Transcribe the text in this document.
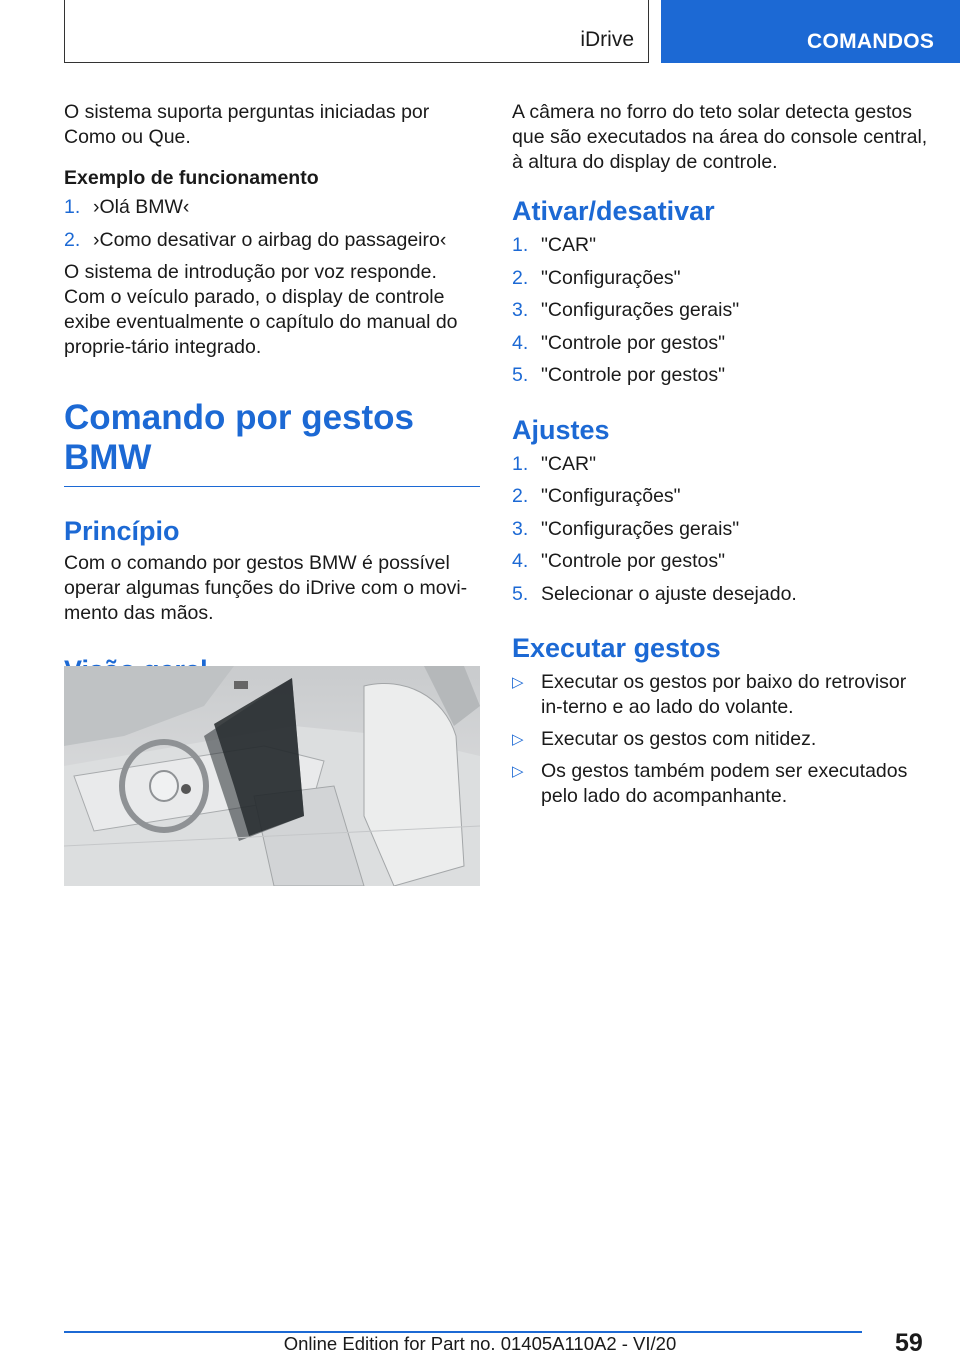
iDrive	COMANDOS

O sistema suporta perguntas iniciadas por Como ou Que.

Exemplo de funcionamento

1. ›Olá BMW‹
2. ›Como desativar o airbag do passageiro‹

O sistema de introdução por voz responde. Com o veículo parado, o display de controle exibe eventualmente o capítulo do manual do proprie-tário integrado.

Comando por gestos BMW
Princípio

Com o comando por gestos BMW é possível operar algumas funções do iDrive com o movi-mento das mãos.

A câmera no forro do teto solar detecta gestos que são executados na área do console central, à altura do display de controle.

Ativar/desativar
1. "CAR"
2. "Configurações"
3. "Configurações gerais"
4. "Controle por gestos"
5. "Controle por gestos"
Ajustes
1. "CAR"
2. "Configurações"
3. "Configurações gerais"
4. "Controle por gestos"
5. Selecionar o ajuste desejado.
Executar gestos
▷ Executar os gestos por baixo do retrovisor in-terno e ao lado do volante.
▷ Executar os gestos com nitidez.
▷ Os gestos também podem ser executados pelo lado do acompanhante.
59
Online Edition for Part no. 01405A110A2 - VI/20
